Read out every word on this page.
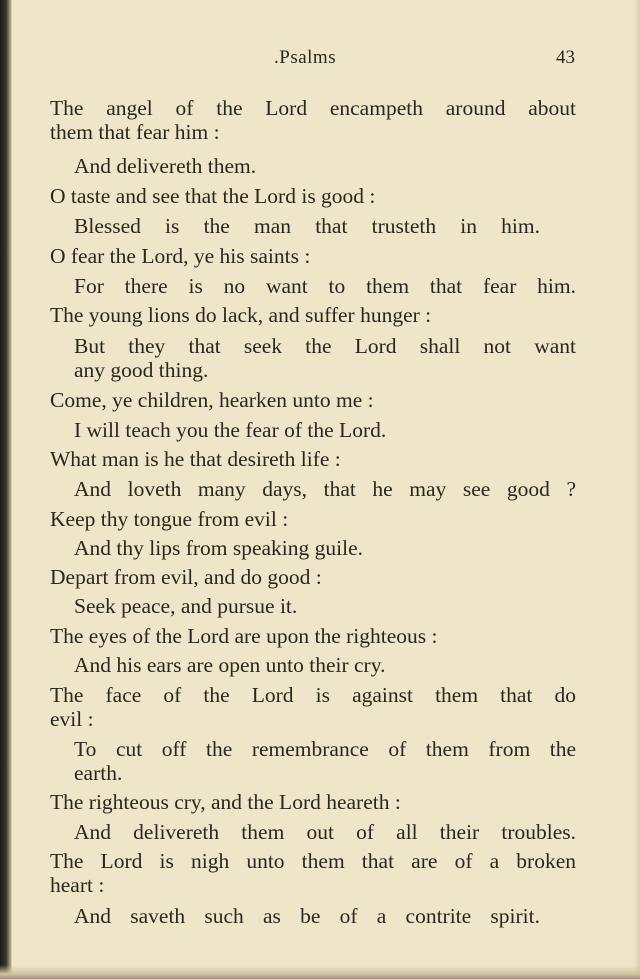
.Psalms	43
The angel of the Lord encampeth around about
them that fear him :
And delivereth them.
O taste and see that the Lord is good :
Blessed is the man that trusteth in him.
O fear the Lord, ye his saints :
For there is no want to them that fear him.
The young lions do lack, and suffer hunger :
But they that seek the Lord shall not want
any good thing.
Come, ye children, hearken unto me :
I will teach you the fear of the Lord.
What man is he that desireth life :
And loveth many days, that he may see good ?
Keep thy tongue from evil :
And thy lips from speaking guile.
Depart from evil, and do good :
Seek peace, and pursue it.
The eyes of the Lord are upon the righteous :
And his ears are open unto their cry.
The face of the Lord is against them that do
evil :
To cut off the remembrance of them from the
earth.
The righteous cry, and the Lord heareth :
And delivereth them out of all their troubles.
The Lord is nigh unto them that are of a broken
heart :
And saveth such as be of a contrite spirit.
